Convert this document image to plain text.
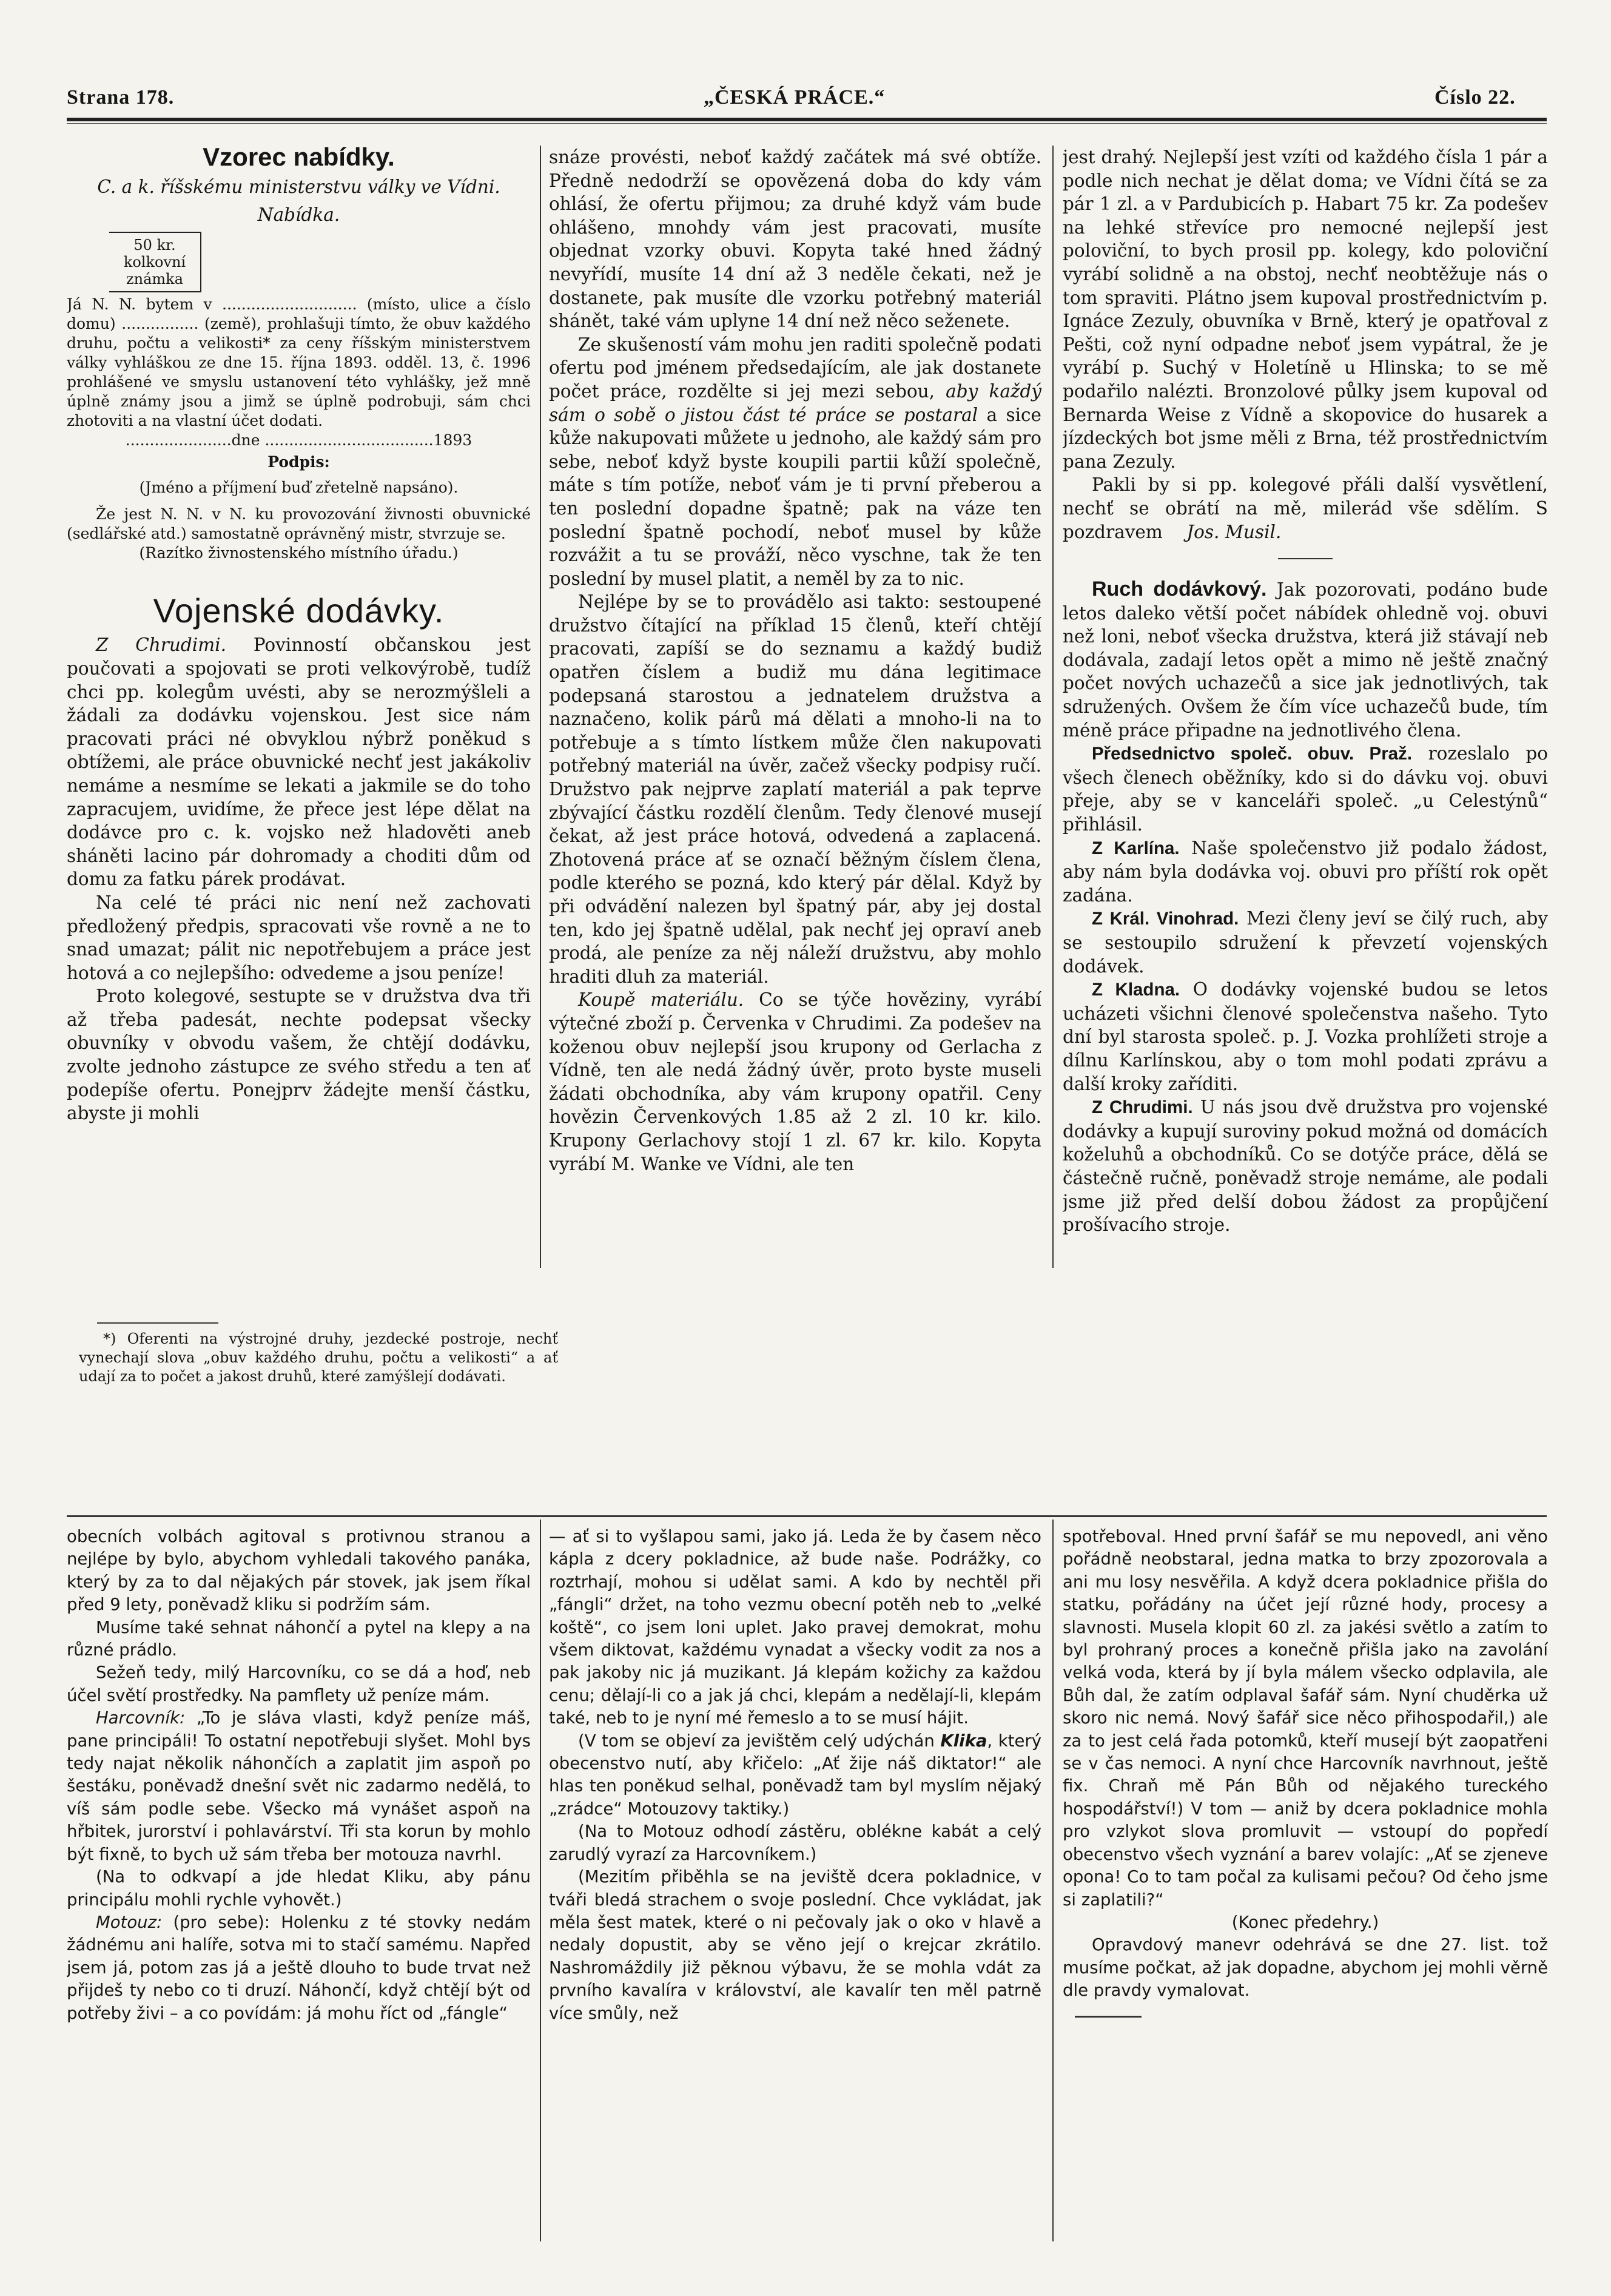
Strana 178.	„ČESKÁ PRÁCE.“	Číslo 22.
Vzorec nabídky.

C. a k. říšskému ministerstvu války ve Vídni.

Nabídka.

50 kr.
kolkovní
známka

Já N. N. bytem v ............................ (místo, ulice a číslo domu) ................ (země), prohlašuji tímto, že obuv každého druhu, počtu a velikosti* za ceny říšským ministerstvem války vyhláškou ze dne 15. října 1893. odděl. 13, č. 1996 prohlášené ve smyslu ustanovení této vyhlášky, jež mně úplně známy jsou a jimž se úplně podrobuji, sám chci zhotoviti a na vlastní účet dodati.

......................dne ...................................1893

Podpis:

(Jméno a příjmení buď zřetelně napsáno).

Že jest N. N. v N. ku provozování živnosti obuvnické (sedlářské atd.) samostatně oprávněný mistr, stvrzuje se.

(Razítko živnostenského místního úřadu.)

Vojenské dodávky.

Z Chrudimi. Povinností občanskou jest poučovati a spojovati se proti velkovýrobě, tudíž chci pp. kolegům uvésti, aby se nerozmýšleli a žádali za dodávku vojenskou. Jest sice nám pracovati práci né obvyklou nýbrž poněkud s obtížemi, ale práce obuvnické nechť jest jakákoliv nemáme a nesmíme se lekati a jakmile se do toho zapracujem, uvidíme, že přece jest lépe dělat na dodávce pro c. k. vojsko než hladověti aneb sháněti lacino pár dohromady a choditi dům od domu za fatku párek prodávat.

Na celé té práci nic není než zachovati předložený předpis, spracovati vše rovně a ne to snad umazat; pálit nic nepotřebujem a práce jest hotová a co nejlepšího: odvedeme a jsou peníze!

Proto kolegové, sestupte se v družstva dva tři až třeba padesát, nechte podepsat všecky obuvníky v obvodu vašem, že chtějí dodávku, zvolte jednoho zástupce ze svého středu a ten ať podepíše ofertu. Ponejprv žádejte menší částku, abyste ji mohli

*) Oferenti na výstrojné druhy, jezdecké postroje, nechť vynechají slova „obuv každého druhu, počtu a velikosti“ a ať udají za to počet a jakost druhů, které zamýšlejí dodávati.

snáze provésti, neboť každý začátek má své obtíže. Předně nedodrží se opovězená doba do kdy vám ohlásí, že ofertu přijmou; za druhé když vám bude ohlášeno, mnohdy vám jest pracovati, musíte objednat vzorky obuvi. Kopyta také hned žádný nevyřídí, musíte 14 dní až 3 neděle čekati, než je dostanete, pak musíte dle vzorku potřebný materiál shánět, také vám uplyne 14 dní než něco seženete.

Ze skušeností vám mohu jen raditi společně podati ofertu pod jménem předsedajícím, ale jak dostanete počet práce, rozdělte si jej mezi sebou, aby každý sám o sobě o jistou část té práce se postaral a sice kůže nakupovati můžete u jednoho, ale každý sám pro sebe, neboť když byste koupili partii kůží společně, máte s tím potíže, neboť vám je ti první přeberou a ten poslední dopadne špatně; pak na váze ten poslední špatně pochodí, neboť musel by kůže rozvážit a tu se prováží, něco vyschne, tak že ten poslední by musel platit, a neměl by za to nic.

Nejlépe by se to provádělo asi takto: sestoupené družstvo čítající na příklad 15 členů, kteří chtějí pracovati, zapíší se do seznamu a každý budiž opatřen číslem a budiž mu dána legitimace podepsaná starostou a jednatelem družstva a naznačeno, kolik párů má dělati a mnoho-li na to potřebuje a s tímto lístkem může člen nakupovati potřebný materiál na úvěr, začež všecky podpisy ručí. Družstvo pak nejprve zaplatí materiál a pak teprve zbývající částku rozdělí členům. Tedy členové musejí čekat, až jest práce hotová, odvedená a zaplacená. Zhotovená práce ať se označí běžným číslem člena, podle kterého se pozná, kdo který pár dělal. Když by při odvádění nalezen byl špatný pár, aby jej dostal ten, kdo jej špatně udělal, pak nechť jej opraví aneb prodá, ale peníze za něj náleží družstvu, aby mohlo hraditi dluh za materiál.

Koupě materiálu. Co se týče hověziny, vyrábí výtečné zboží p. Červenka v Chrudimi. Za podešev na koženou obuv nejlepší jsou krupony od Gerlacha z Vídně, ten ale nedá žádný úvěr, proto byste museli žádati obchodníka, aby vám krupony opatřil. Ceny hovězin Červenkových 1.85 až 2 zl. 10 kr. kilo. Krupony Gerlachovy stojí 1 zl. 67 kr. kilo. Kopyta vyrábí M. Wanke ve Vídni, ale ten

jest drahý. Nejlepší jest vzíti od každého čísla 1 pár a podle nich nechat je dělat doma; ve Vídni čítá se za pár 1 zl. a v Pardubicích p. Habart 75 kr. Za podešev na lehké střevíce pro nemocné nejlepší jest poloviční, to bych prosil pp. kolegy, kdo poloviční vyrábí solidně a na obstoj, nechť neobtěžuje nás o tom spraviti. Plátno jsem kupoval prostřednictvím p. Ignáce Zezuly, obuvníka v Brně, který je opatřoval z Pešti, což nyní odpadne neboť jsem vypátral, že je vyrábí p. Suchý v Holetíně u Hlinska; to se mě podařilo nalézti. Bronzolové půlky jsem kupoval od Bernarda Weise z Vídně a skopovice do husarek a jízdeckých bot jsme měli z Brna, též prostřednictvím pana Zezuly.

Pakli by si pp. kolegové přáli další vysvětlení, nechť se obrátí na mě, milerád vše sdělím. S pozdravem Jos. Musil.

Ruch dodávkový. Jak pozorovati, podáno bude letos daleko větší počet nábídek ohledně voj. obuvi než loni, neboť všecka družstva, která již stávají neb dodávala, zadají letos opět a mimo ně ještě značný počet nových uchazečů a sice jak jednotlivých, tak sdružených. Ovšem že čím více uchazečů bude, tím méně práce připadne na jednotlivého člena.

Předsednictvo společ. obuv. Praž. rozeslalo po všech členech oběžníky, kdo si do dávku voj. obuvi přeje, aby se v kanceláři společ. „u Celestýnů“ přihlásil.

Z Karlína. Naše společenstvo již podalo žádost, aby nám byla dodávka voj. obuvi pro příští rok opět zadána.

Z Král. Vinohrad. Mezi členy jeví se čilý ruch, aby se sestoupilo sdružení k převzetí vojenských dodávek.

Z Kladna. O dodávky vojenské budou se letos ucházeti všichni členové společenstva našeho. Tyto dní byl starosta společ. p. J. Vozka prohlížeti stroje a dílnu Karlínskou, aby o tom mohl podati zprávu a další kroky zaříditi.

Z Chrudimi. U nás jsou dvě družstva pro vojenské dodávky a kupují suroviny pokud možná od domácích koželuhů a obchodníků. Co se dotýče práce, dělá se částečně ručně, poněvadž stroje nemáme, ale podali jsme již před delší dobou žádost za propůjčení prošívacího stroje.

obecních volbách agitoval s protivnou stranou a nejlépe by bylo, abychom vyhledali takového panáka, který by za to dal nějakých pár stovek, jak jsem říkal před 9 lety, poněvadž kliku si podržím sám.

Musíme také sehnat náhončí a pytel na klepy a na různé prádlo.

Sežeň tedy, milý Harcovníku, co se dá a hoď, neb účel světí prostředky. Na pamflety už peníze mám.

Harcovník: „To je sláva vlasti, když peníze máš, pane principáli! To ostatní nepotřebuji slyšet. Mohl bys tedy najat několik náhončích a zaplatit jim aspoň po šestáku, poněvadž dnešní svět nic zadarmo nedělá, to víš sám podle sebe. Všecko má vynášet aspoň na hřbitek, jurorství i pohlavárství. Tři sta korun by mohlo být fixně, to bych už sám třeba ber motouza navrhl.

(Na to odkvapí a jde hledat Kliku, aby pánu principálu mohli rychle vyhovět.)

Motouz: (pro sebe): Holenku z té stovky nedám žádnému ani halíře, sotva mi to stačí samému. Napřed jsem já, potom zas já a ještě dlouho to bude trvat než přijdeš ty nebo co ti druzí. Náhončí, když chtějí být od potřeby živi – a co povídám: já mohu říct od „fángle“

— ať si to vyšlapou sami, jako já. Leda že by časem něco kápla z dcery pokladnice, až bude naše. Podrážky, co roztrhají, mohou si udělat sami. A kdo by nechtěl při „fángli“ držet, na toho vezmu obecní potěh neb to „velké koště“, co jsem loni uplet. Jako pravej demokrat, mohu všem diktovat, každému vynadat a všecky vodit za nos a pak jakoby nic já muzikant. Já klepám kožichy za každou cenu; dělají-li co a jak já chci, klepám a nedělají-li, klepám také, neb to je nyní mé řemeslo a to se musí hájit.

(V tom se objeví za jevištěm celý udýchán Klika, který obecenstvo nutí, aby křičelo: „Ať žije náš diktator!“ ale hlas ten poněkud selhal, poněvadž tam byl myslím nějaký „zrádce“ Motouzovy taktiky.)

(Na to Motouz odhodí zástěru, oblékne kabát a celý zarudlý vyrazí za Harcovníkem.)

(Mezitím přiběhla se na jeviště dcera pokladnice, v tváři bledá strachem o svoje poslední. Chce vykládat, jak měla šest matek, které o ni pečovaly jak o oko v hlavě a nedaly dopustit, aby se věno její o krejcar zkrátilo. Nashromáždily již pěknou výbavu, že se mohla vdát za prvního kavalíra v království, ale kavalír ten měl patrně více smůly, než

spotřeboval. Hned první šafář se mu nepovedl, ani věno pořádně neobstaral, jedna matka to brzy zpozorovala a ani mu losy nesvěřila. A když dcera pokladnice přišla do statku, pořádány na účet její různé hody, procesy a slavnosti. Musela klopit 60 zl. za jakési světlo a zatím to byl prohraný proces a konečně přišla jako na zavolání velká voda, která by jí byla málem všecko odplavila, ale Bůh dal, že zatím odplaval šafář sám. Nyní chuděrka už skoro nic nemá. Nový šafář sice něco přihospodařil,) ale za to jest celá řada potomků, kteří musejí být zaopatřeni se v čas nemoci. A nyní chce Harcovník navrhnout, ještě fix. Chraň mě Pán Bůh od nějakého tureckého hospodářství!) V tom — aniž by dcera pokladnice mohla pro vzlykot slova promluvit — vstoupí do popředí obecenstvo všech vyznání a barev volajíc: „Ať se zjeneve opona! Co to tam počal za kulisami pečou? Od čeho jsme si zaplatili?“

(Konec předehry.)

Opravdový manevr odehrává se dne 27. list. tož musíme počkat, až jak dopadne, abychom jej mohli věrně dle pravdy vymalovat.
